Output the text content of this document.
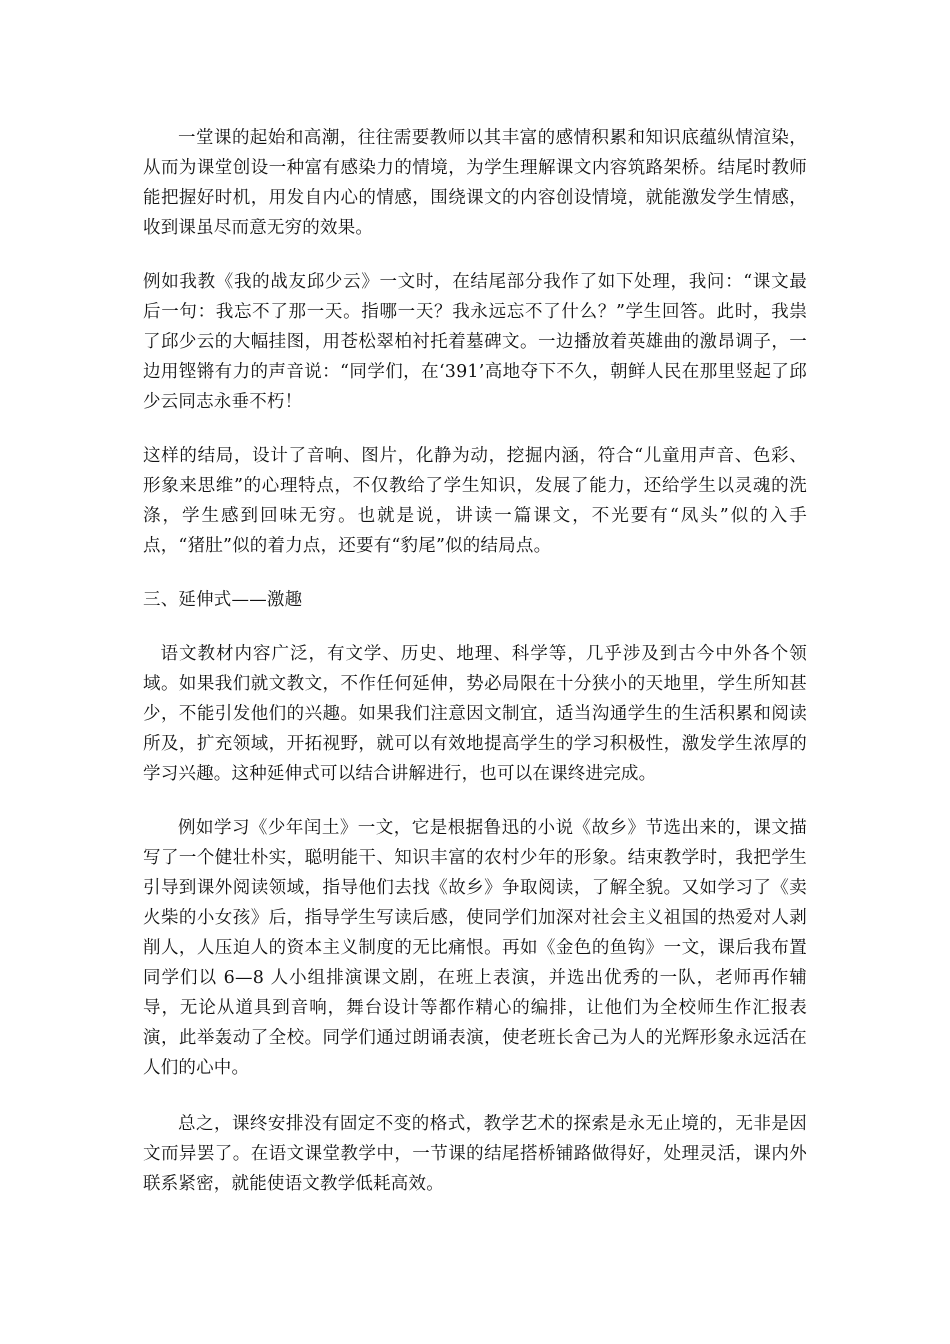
一堂课的起始和高潮，往往需要教师以其丰富的感情积累和知识底蕴纵情渲染，从而为课堂创设一种富有感染力的情境，为学生理解课文内容筑路架桥。结尾时教师能把握好时机，用发自内心的情感，围绕课文的内容创设情境，就能激发学生情感，收到课虽尽而意无穷的效果。

例如我教《我的战友邱少云》一文时，在结尾部分我作了如下处理，我问：“课文最后一句：我忘不了那一天。指哪一天？我永远忘不了什么？”学生回答。此时，我祟 了邱少云的大幅挂图，用苍松翠柏衬托着墓碑文。一边播放着英雄曲的激昂调子，一边用铿锵有力的声音说：“同学们，在‘391’高地夺下不久，朝鲜人民在那里竖起了邱少云同志永垂不朽！

这样的结局，设计了音响、图片，化静为动，挖掘内涵，符合“儿童用声音、色彩、形象来思维”的心理特点，不仅教给了学生知识，发展了能力，还给学生以灵魂的洗涤，学生感到回味无穷。也就是说，讲读一篇课文，不光要有“凤头”似的入手点，“猪肚”似的着力点，还要有“豹尾”似的结局点。

三、延伸式——激趣

语文教材内容广泛，有文学、历史、地理、科学等，几乎涉及到古今中外各个领域。如果我们就文教文，不作任何延伸，势必局限在十分狭小的天地里，学生所知甚少，不能引发他们的兴趣。如果我们注意因文制宜，适当沟通学生的生活积累和阅读所及，扩充领域，开拓视野，就可以有效地提高学生的学习积极性，激发学生浓厚的学习兴趣。这种延伸式可以结合讲解进行，也可以在课终进完成。

例如学习《少年闰土》一文，它是根据鲁迅的小说《故乡》节选出来的，课文描写了一个健壮朴实，聪明能干、知识丰富的农村少年的形象。结束教学时，我把学生引导到课外阅读领域，指导他们去找《故乡》争取阅读，了解全貌。又如学习了《卖火柴的小女孩》后，指导学生写读后感，使同学们加深对社会主义祖国的热爱对人剥削人，人压迫人的资本主义制度的无比痛恨。再如《金色的鱼钩》一文，课后我布置同学们以 6—8 人小组排演课文剧，在班上表演，并选出优秀的一队，老师再作辅导，无论从道具到音响，舞台设计等都作精心的编排，让他们为全校师生作汇报表演，此举轰动了全校。同学们通过朗诵表演，使老班长舍己为人的光辉形象永远活在人们的心中。

总之，课终安排没有固定不变的格式，教学艺术的探索是永无止境的，无非是因文而异罢了。在语文课堂教学中，一节课的结尾搭桥铺路做得好，处理灵活，课内外联系紧密，就能使语文教学低耗高效。
